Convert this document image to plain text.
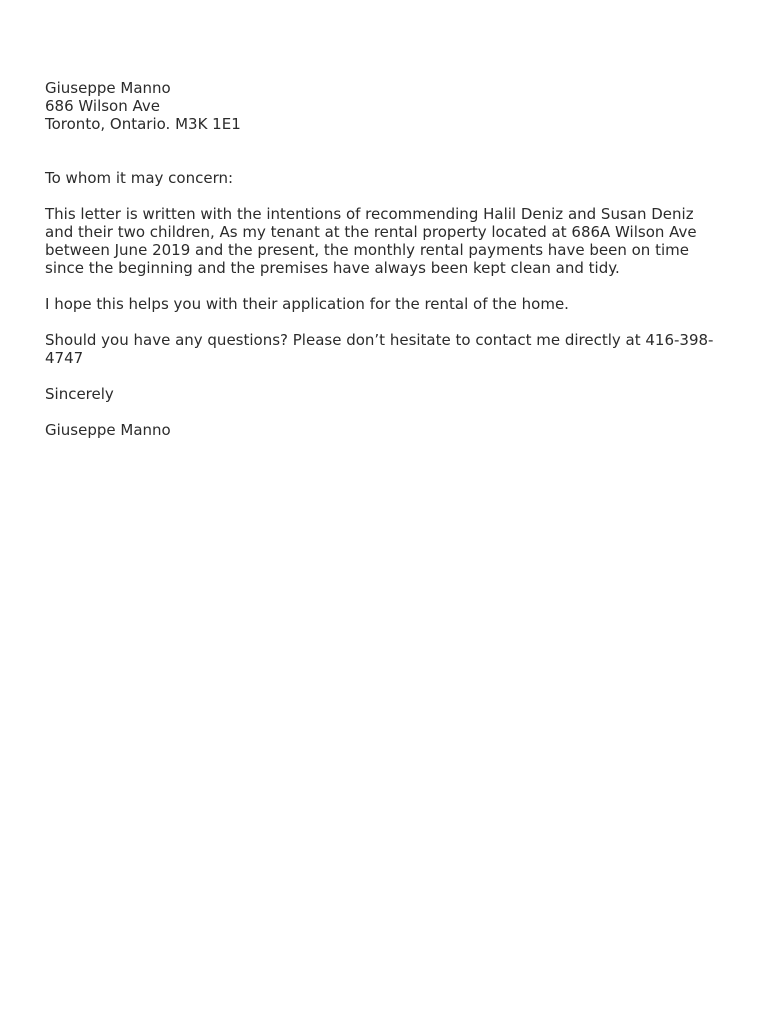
Giuseppe Manno
686 Wilson Ave
Toronto, Ontario. M3K 1E1
To whom it may concern:
This letter is written with the intentions of recommending Halil Deniz and Susan Deniz and their two children, As my tenant at the rental property located at 686A Wilson Ave between June 2019 and the present, the monthly rental payments have been on time since the beginning and the premises have always been kept clean and tidy.
I hope this helps you with their application for the rental of the home.
Should you have any questions? Please don’t hesitate to contact me directly at 416-398-4747
Sincerely
Giuseppe Manno
